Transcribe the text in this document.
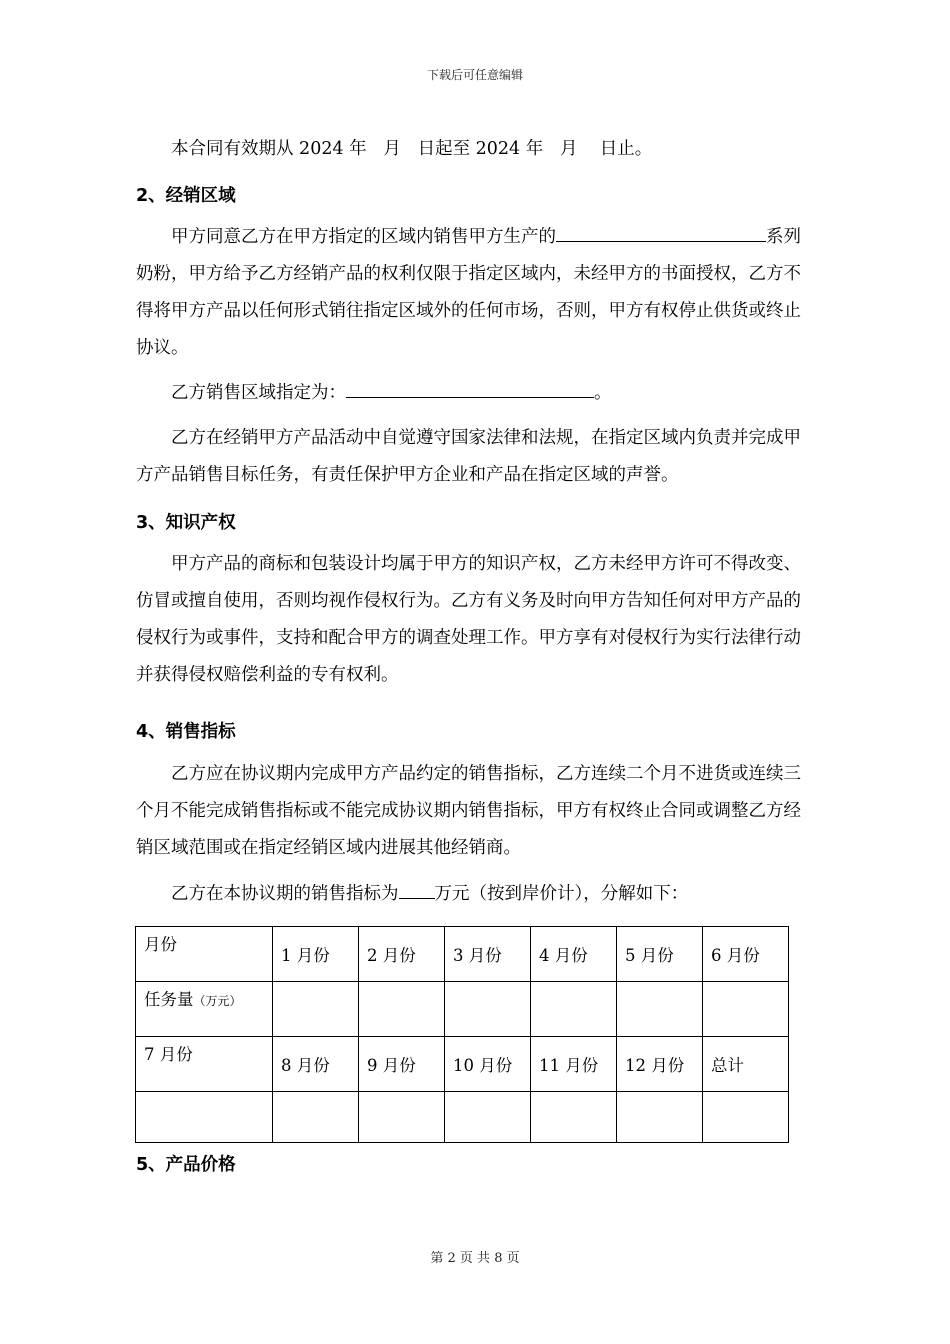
下载后可任意编辑
本合同有效期从 2024 年 月 日起至 2024 年 月 日止。
2、经销区域
甲方同意乙方在甲方指定的区域内销售甲方生产的	系列奶粉，甲方给予乙方经销产品的权利仅限于指定区域内，未经甲方的书面授权，乙方不得将甲方产品以任何形式销往指定区域外的任何市场，否则，甲方有权停止供货或终止协议。
乙方销售区域指定为：	。
乙方在经销甲方产品活动中自觉遵守国家法律和法规，在指定区域内负责并完成甲方产品销售目标任务，有责任保护甲方企业和产品在指定区域的声誉。
3、知识产权
甲方产品的商标和包装设计均属于甲方的知识产权，乙方未经甲方许可不得改变、仿冒或擅自使用，否则均视作侵权行为。乙方有义务及时向甲方告知任何对甲方产品的侵权行为或事件，支持和配合甲方的调查处理工作。甲方享有对侵权行为实行法律行动并获得侵权赔偿利益的专有权利。
4、销售指标
乙方应在协议期内完成甲方产品约定的销售指标，乙方连续二个月不进货或连续三个月不能完成销售指标或不能完成协议期内销售指标，甲方有权终止合同或调整乙方经销区域范围或在指定经销区域内进展其他经销商。
乙方在本协议期的销售指标为 万元（按到岸价计），分解如下：
月份	1 月份	2 月份	3 月份	4 月份	5 月份	6 月份
任务量（万元）						
7 月份	8 月份	9 月份	10 月份	11 月份	12 月份	总计

5、产品价格
第 2 页 共 8 页
